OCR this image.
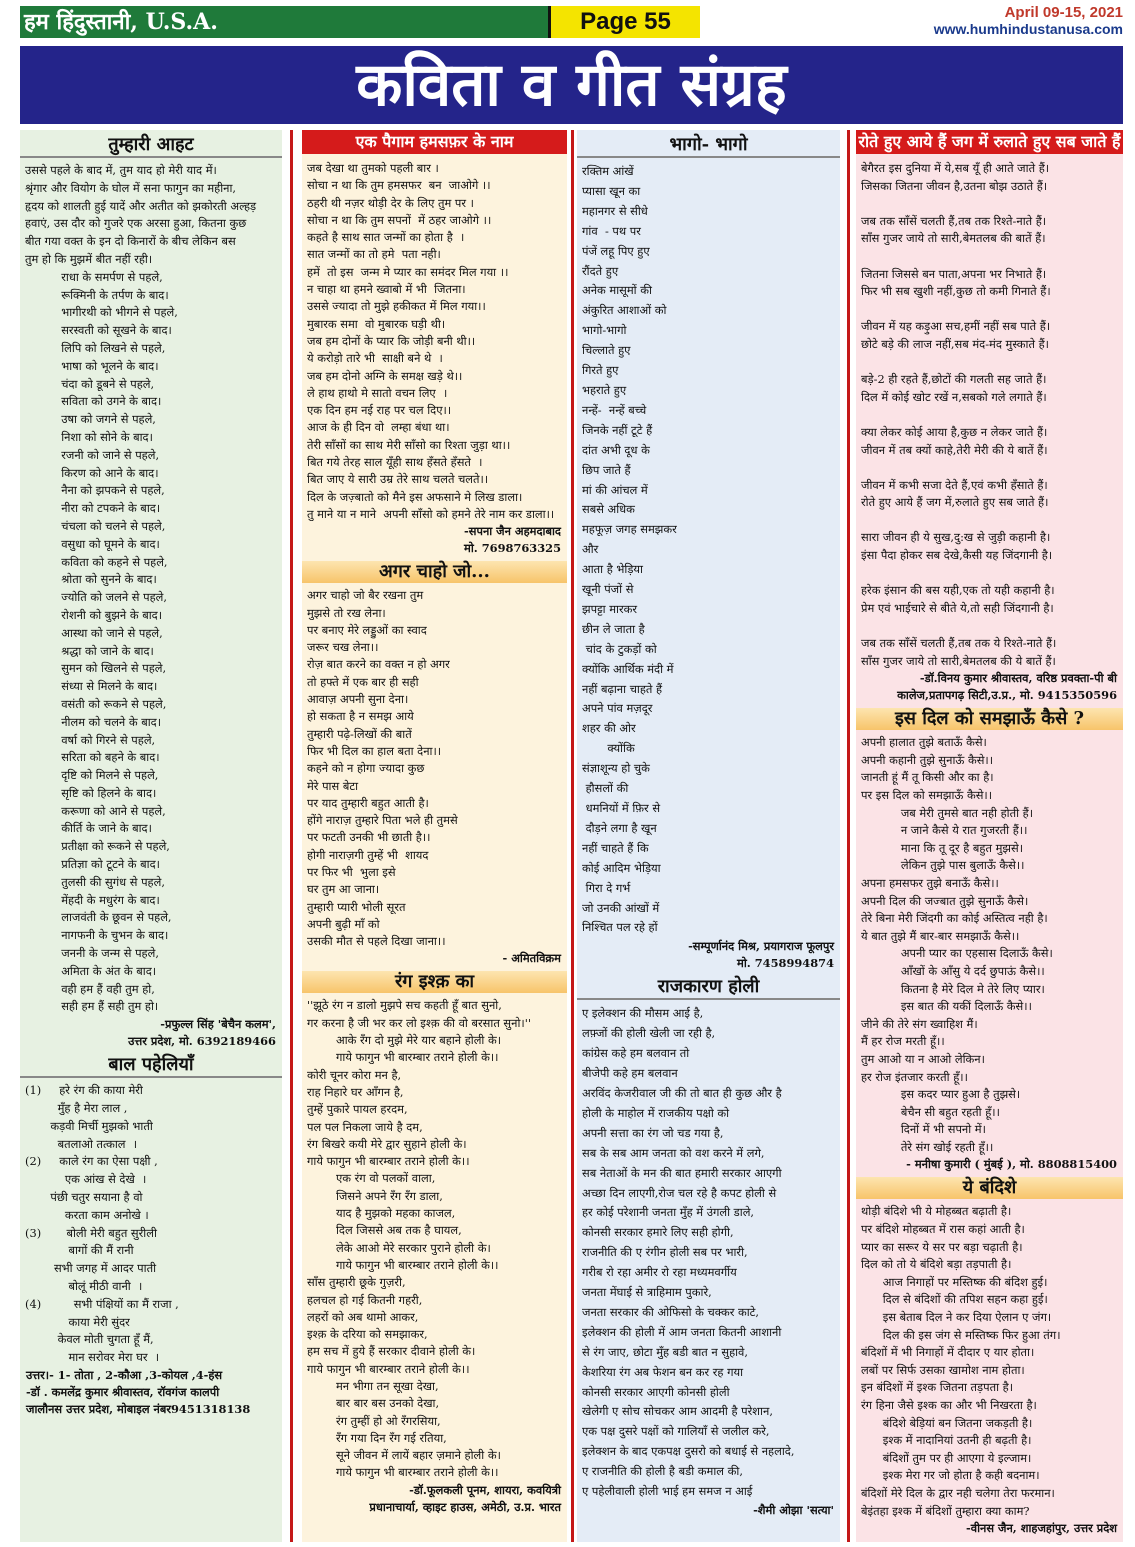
हम हिंदुस्तानी, U.S.A.	Page 55	April 09-15, 2021
www.humhindustanusa.com
कविता व गीत संग्रह
तुम्हारी आहट
उससे पहले के बाद में, तुम याद हो मेरी याद में।
श्रृंगार और वियोग के घोल में सना फागुन का महीना,
हृदय को शालती हुई यादें और अतीत को झकोरती अल्हड़
हवाएं, उस दौर को गुजरे एक अरसा हुआ, कितना कुछ
बीत गया वक्त के इन दो किनारों के बीच लेकिन बस
तुम हो कि मुझमें बीत नहीं रही।
राधा के समर्पण से पहले,
रूक्मिनी के तर्पण के बाद।
भागीरथी को भीगने से पहले,
सरस्वती को सूखने के बाद।
लिपि को लिखने से पहले,
भाषा को भूलने के बाद।
चंदा को डूबने से पहले,
सविता को उगने के बाद।
उषा को जगने से पहले,
निशा को सोने के बाद।
रजनी को जाने से पहले,
किरण को आने के बाद।
नैना को झपकने से पहले,
नीरा को टपकने के बाद।
चंचला को चलने से पहले,
वसुधा को घूमने के बाद।
कविता को कहने से पहले,
श्रोता को सुनने के बाद।
ज्योति को जलने से पहले,
रोशनी को बुझने के बाद।
आस्था को जाने से पहले,
श्रद्धा को जाने के बाद।
सुमन को खिलने से पहले,
संध्या से मिलने के बाद।
वसंती को रूकने से पहले,
नीलम को चलने के बाद।
वर्षा को गिरने से पहले,
सरिता को बहने के बाद।
दृष्टि को मिलने से पहले,
सृष्टि को हिलने के बाद।
करूणा को आने से पहले,
कीर्ति के जाने के बाद।
प्रतीक्षा को रूकने से पहले,
प्रतिज्ञा को टूटने के बाद।
तुलसी की सुगंध से पहले,
मेंहदी के मधुरंग के बाद।
लाजवंती के छूवन से पहले,
नागफनी के चुभन के बाद।
जननी के जन्म से पहले,
अमिता के अंत के बाद।
वही हम हैं वही तुम हो,
सही हम हैं सही तुम हो।
-प्रफुल्ल सिंह 'बेचैन कलम',
उत्तर प्रदेश, मो. 6392189466
बाल पहेलियाँ
(1)     हरे रंग की काया मेरी
मुँह है मेरा लाल ,
कड़वी मिर्ची मुझको भाती
बतलाओ तत्काल  ।
(2)     काले रंग का ऐसा पक्षी ,
एक आंख से देखे  ।
पंछी चतुर सयाना है वो
करता काम अनोखे ।
(3)       बोली मेरी बहुत सुरीली
बागों की मैं रानी
सभी जगह में आदर पाती
बोलूं मीठी वानी  ।
(4)         सभी पंक्षियों का मैं राजा ,
काया मेरी सुंदर
केवल मोती चुगता हूँ मैं,
मान सरोवर मेरा घर  ।
उत्तर।- 1- तोता , 2-कौआ ,3-कोयल ,4-हंस
-डॉ . कमलेंद्र कुमार श्रीवास्तव, रॉवगंज कालपी
जालौनस उत्तर प्रदेश, मोबाइल नंबर9451318138
एक पैगाम हमसफ़र के नाम
जब देखा था तुमको पहली बार ।
सोचा न था कि तुम हमसफर  बन  जाओगे ।।
ठहरी थी नज़र थोड़ी देर के लिए तुम पर ।
सोचा न था कि तुम सपनों  में ठहर जाओगे ।।
कहते है साथ सात जन्मों का होता है  ।
सात जन्मों का तो हमे  पता नही।
हमें  तो इस  जन्म मे प्यार का समंदर मिल गया ।।
न चाहा था हमने ख्वाबो में भी  जितना।
उससे ज्यादा तो मुझे हकीकत में मिल गया।।
मुबारक समा  वो मुबारक घड़ी थी।
जब हम दोनों के प्यार कि जोड़ी बनी थी।।
ये करोड़ो तारे भी  साक्षी बने थे  ।
जब हम दोनो अग्नि के समक्ष खड़े थे।।
ले हाथ हाथो मे सातो वचन लिए  ।
एक दिन हम नई राह पर चल दिए।।
आज के ही दिन वो  लम्हा बंधा था।
तेरी साँसों का साथ मेरी साँसो का रिश्ता जुड़ा था।।
बित गये तेरह साल यूँही साथ हँसते हँसते  ।
बित जाए ये सारी उम्र तेरे साथ चलते चलते।।
दिल के जज़्बातो को मैने इस अफसाने मे लिख डाला।
तु माने या न माने  अपनी साँसो को हमने तेरे नाम कर डाला।।
-सपना जैन अहमदाबाद
मो. 7698763325
अगर चाहो जो...
अगर चाहो जो बैर रखना तुम
मुझसे तो रख लेना।
पर बनाए मेरे लड्डुओं का स्वाद
जरूर चख लेना।।
रोज़ बात करने का वक्त न हो अगर
तो हफ्ते में एक बार ही सही
आवाज़ अपनी सुना देना।
हो सकता है न समझ आये
तुम्हारी पढ़े-लिखों की बातें
फिर भी दिल का हाल बता देना।।
कहने को न होगा ज्यादा कुछ
मेरे पास बेटा
पर याद तुम्हारी बहुत आती है।
होंगे नाराज़ तुम्हारे पिता भले ही तुमसे
पर फटती उनकी भी छाती है।।
होगी नाराज़गी तुम्हें भी  शायद
पर फिर भी  भुला इसे
घर तुम आ जाना।
तुम्हारी प्यारी भोली सूरत
अपनी बुढ़ी माँ को
उसकी मौत से पहले दिखा जाना।।
- अमितविक्रम
रंग इश्क़ का
''झूठे रंग न डालो मुझपे सच कहती हूँ बात सुनो,
गर करना है जी भर कर लो इश्क़ की वो बरसात सुनो।''
आके रँग दो मुझे मेरे यार बहाने होली के।
गाये फागुन भी बारम्बार तराने होली के।।
कोरी चूनर कोरा मन है,
राह निहारे घर आँगन है,
तुम्हें पुकारे पायल हरदम,
पल पल निकला जाये है दम,
रंग बिखरे कयी मेरे द्वार सुहाने होली के।
गाये फागुन भी बारम्बार तराने होली के।।
एक रंग वो पलकों वाला,
जिसने अपने रँग रँग डाला,
याद है मुझको महका काजल,
दिल जिससे अब तक है घायल,
लेके आओ मेरे सरकार पुराने होली के।
गाये फागुन भी बारम्बार तराने होली के।।
साँस तुम्हारी छूके गुज़री,
हलचल हो गई कितनी गहरी,
लहरों को अब थामो आकर,
इश्क़ के दरिया को समझाकर,
हम सच में हुये हैं सरकार दीवाने होली के।
गाये फागुन भी बारम्बार तराने होली के।।
मन भीगा तन सूखा देखा,
बार बार बस उनको देखा,
रंग तुम्हीं हो ओ रँगरसिया,
रँग गया दिन रँग गई रतिया,
सूने जीवन में लायें बहार ज़माने होली के।
गाये फागुन भी बारम्बार तराने होली के।।
-डॉ.फूलकली पूनम, शायरा, कवयित्री
प्रधानाचार्या, व्हाइट हाउस, अमेठी, उ.प्र. भारत
भागो- भागो
रक्तिम आंखें
प्यासा खून का
महानगर से सीधे
गांव  - पथ पर
पंजें लहू पिए हुए
रौंदते हुए
अनेक मासूमों की
अंकुरित आशाओं को
भागो-भागो
चिल्लाते हुए
गिरते हुए
भहराते हुए
नन्हें-  नन्हें बच्चे
जिनके नहीं टूटे हैं
दांत अभी दूध के
छिप जाते हैं
मां की आंचल में
सबसे अधिक
महफूज़ जगह समझकर
और
आता है भेड़िया
खूनी पंजों से
झपट्टा मारकर
छीन ले जाता है
चांद के टुकड़ों को
क्योंकि आर्थिक मंदी में
नहीं बढ़ाना चाहते हैं
अपने पांव मज़दूर
शहर की ओर
क्योंकि
संज्ञाशून्य हो चुके
हौसलों की
धमनियों में फ़िर से
दौड़ने लगा है खून
नहीं चाहते हैं कि
कोई आदिम भेड़िया
गिरा दे गर्भ
जो उनकी आंखों में
निश्चित पल रहे हों
-सम्पूर्णानंद मिश्र, प्रयागराज फूलपुर
मो. 7458994874
राजकारण होली
ए इलेक्शन की मौसम आई है,
लफ़्जों की होली खेली जा रही है,
कांग्रेस कहे हम बलवान तो
बीजेपी कहे हम बलवान
अरविंद केजरीवाल जी की तो बात ही कुछ और है
होली के माहोल में राजकीय पक्षो को
अपनी सत्ता का रंग जो चड गया है,
सब के सब आम जनता को वश करने में लगे,
सब नेताओं के मन की बात हमारी सरकार आएगी
अच्छा दिन लाएगी,रोज चल रहे है कपट होली से
हर कोई परेशानी जनता मुँह में उंगली डाले,
कोनसी सरकार हमारे लिए सही होगी,
राजनीति की ए रंगीन होली सब पर भारी,
गरीब रो रहा अमीर रो रहा मध्यमवर्गीय
जनता मेंघाई से त्राहिमाम पुकारे,
जनता सरकार की ओफिसो के चक्कर काटे,
इलेक्शन की होली में आम जनता कितनी आशानी
से रंग जाए, छोटा मुँह बडी बात न सुहावे,
केशरिया रंग अब फेशन बन कर रह गया
कोनसी सरकार आएगी कोनसी होली
खेलेगी ए सोच सोचकर आम आदमी है परेशान,
एक पक्ष दुसरे पक्षों को गालियाँ से जलील करे,
इलेक्शन के बाद एकपक्ष दुसरो को बधाई से नहलादे,
ए राजनीति की होली है बडी कमाल की,
ए पहेलीवाली होली भाई हम समज न आई
-शैमी ओझा 'सत्या'
रोते हुए आये हैं जग में रुलाते हुए सब जाते हैं
बेगैरत इस दुनिया में ये,सब यूँ ही आते जाते हैं।
जिसका जितना जीवन है,उतना बोझ उठाते हैं।

जब तक साँसें चलती हैं,तब तक रिश्ते-नाते हैं।
साँस गुजर जाये तो सारी,बेमतलब की बातें हैं।

जितना जिससे बन पाता,अपना भर निभाते हैं।
फिर भी सब खुशी नहीं,कुछ तो कमी गिनाते हैं।

जीवन में यह कड़ुआ सच,हमीं नहीं सब पाते हैं।
छोटे बड़े की लाज नहीं,सब मंद-मंद मुस्काते हैं।

बड़े-2 ही रहते हैं,छोटों की गलती सह जाते हैं।
दिल में कोई खोट रखें न,सबको गले लगाते हैं।

क्या लेकर कोई आया है,कुछ न लेकर जाते हैं।
जीवन में तब क्यों काहे,तेरी मेरी की ये बातें हैं।

जीवन में कभी सजा देते हैं,एवं कभी हँसाते हैं।
रोते हुए आये हैं जग में,रुलाते हुए सब जाते हैं।

सारा जीवन ही ये सुख,दु:ख से जुड़ी कहानी है।
इंसा पैदा होकर सब देखे,कैसी यह जिंदगानी है।

हरेक इंसान की बस यही,एक तो यही कहानी है।
प्रेम एवं भाईचारे से बीते ये,तो सही जिंदगानी है।

जब तक साँसें चलती हैं,तब तक ये रिश्ते-नाते हैं।
साँस गुजर जाये तो सारी,बेमतलब की ये बातें हैं।
-डॉ.विनय कुमार श्रीवास्तव, वरिष्ठ प्रवक्ता-पी बी
कालेज,प्रतापगढ़ सिटी,उ.प्र., मो. 9415350596
इस दिल को समझाऊँ कैसे ?
अपनी हालात तुझे बताऊँ कैसे।
अपनी कहानी तुझे सुनाऊँ कैसे।।
जानती हूं मैं तू किसी और का है।
पर इस दिल को समझाऊँ कैसे।।
जब मेरी तुमसे बात नही होती हैं।
न जाने कैसे ये रात गुजरती हैं।।
माना कि तू दूर है बहुत मुझसे।
लेकिन तुझे पास बुलाऊँ कैसे।।
अपना हमसफर तुझे बनाऊँ कैसे।।
अपनी दिल की जज्बात तुझे सुनाऊँ कैसे।
तेरे बिना मेरी जिंदगी का कोई अस्तित्व नही है।
ये बात तुझे मैं बार-बार समझाऊँ कैसे।।
अपनी प्यार का एहसास दिलाऊँ कैसे।
आँखों के आँसु ये दर्द छुपाऊं कैसे।।
कितना है मेरे दिल मे तेरे लिए प्यार।
इस बात की यकीं दिलाऊँ कैसे।।
जीने की तेरे संग ख्वाहिश मैं।
मैं हर रोज मरती हूँ।।
तुम आओ या न आओ लेकिन।
हर रोज इंतजार करती हूँ।।
इस कदर प्यार हुआ है तुझसे।
बेचैन सी बहुत रहती हूँ।।
दिनों में भी सपनो में।
तेरे संग खोई रहती हूँ।।
- मनीषा कुमारी ( मुंबई ), मो. 8808815400
ये बंदिशे
थोड़ी बंदिशे भी ये मोहब्बत बढ़ाती है।
पर बंदिशे मोहब्बत में रास कहां आती है।
प्यार का सरूर ये सर पर बड़ा चढ़ाती है।
दिल को तो ये बंदिशे बड़ा तड़पाती है।
आज निगाहों पर मस्तिष्क की बंदिश हुई।
दिल से बंदिशों की तपिश सहन कहा हुई।
इस बेताब दिल ने कर दिया ऐलान ए जंग।
दिल की इस जंग से मस्तिष्क फिर हुआ तंग।
बंदिशों में भी निगाहों में दीदार ए यार होता।
लबों पर सिर्फ उसका खामोश नाम होता।
इन बंदिशों में इश्क जितना तड़पता है।
रंग हिना जैसे इश्क का और भी निखरता है।
बंदिशे बेड़ियां बन जितना जकड़ती है।
इश्क में नादानियां उतनी ही बढ़ती है।
बंदिशों तुम पर ही आएगा ये इल्जाम।
इश्क मेरा गर जो होता है कही बदनाम।
बंदिशों मेरे दिल के द्वार नही चलेगा तेरा फरमान।
बेइंतहा इश्क में बंदिशों तुम्हारा क्या काम?
-वीनस जैन, शाहजहांपुर, उत्तर प्रदेश
